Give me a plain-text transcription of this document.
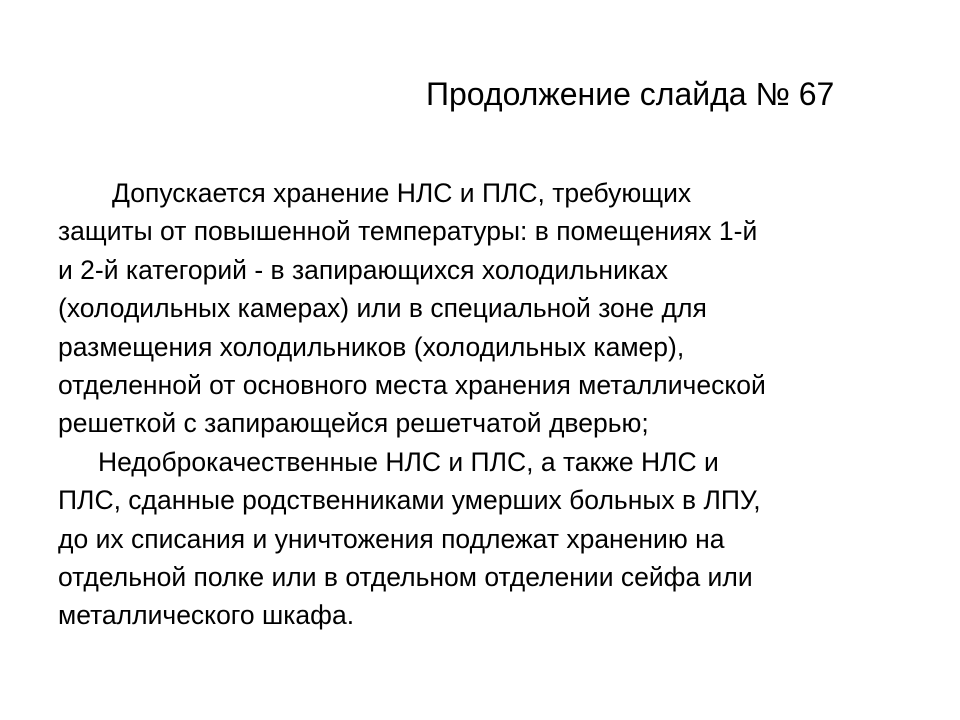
Продолжение слайда № 67

Допускается хранение НЛС и ПЛС, требующих
защиты от повышенной температуры: в помещениях 1-й
и 2-й категорий - в запирающихся холодильниках
(холодильных камерах) или в специальной зоне для
размещения холодильников (холодильных камер),
отделенной от основного места хранения металлической
решеткой с запирающейся решетчатой дверью;

Недоброкачественные НЛС и ПЛС, а также НЛС и
ПЛС, сданные родственниками умерших больных в ЛПУ,
до их списания и уничтожения подлежат хранению на
отдельной полке или в отдельном отделении сейфа или
металлического шкафа.
